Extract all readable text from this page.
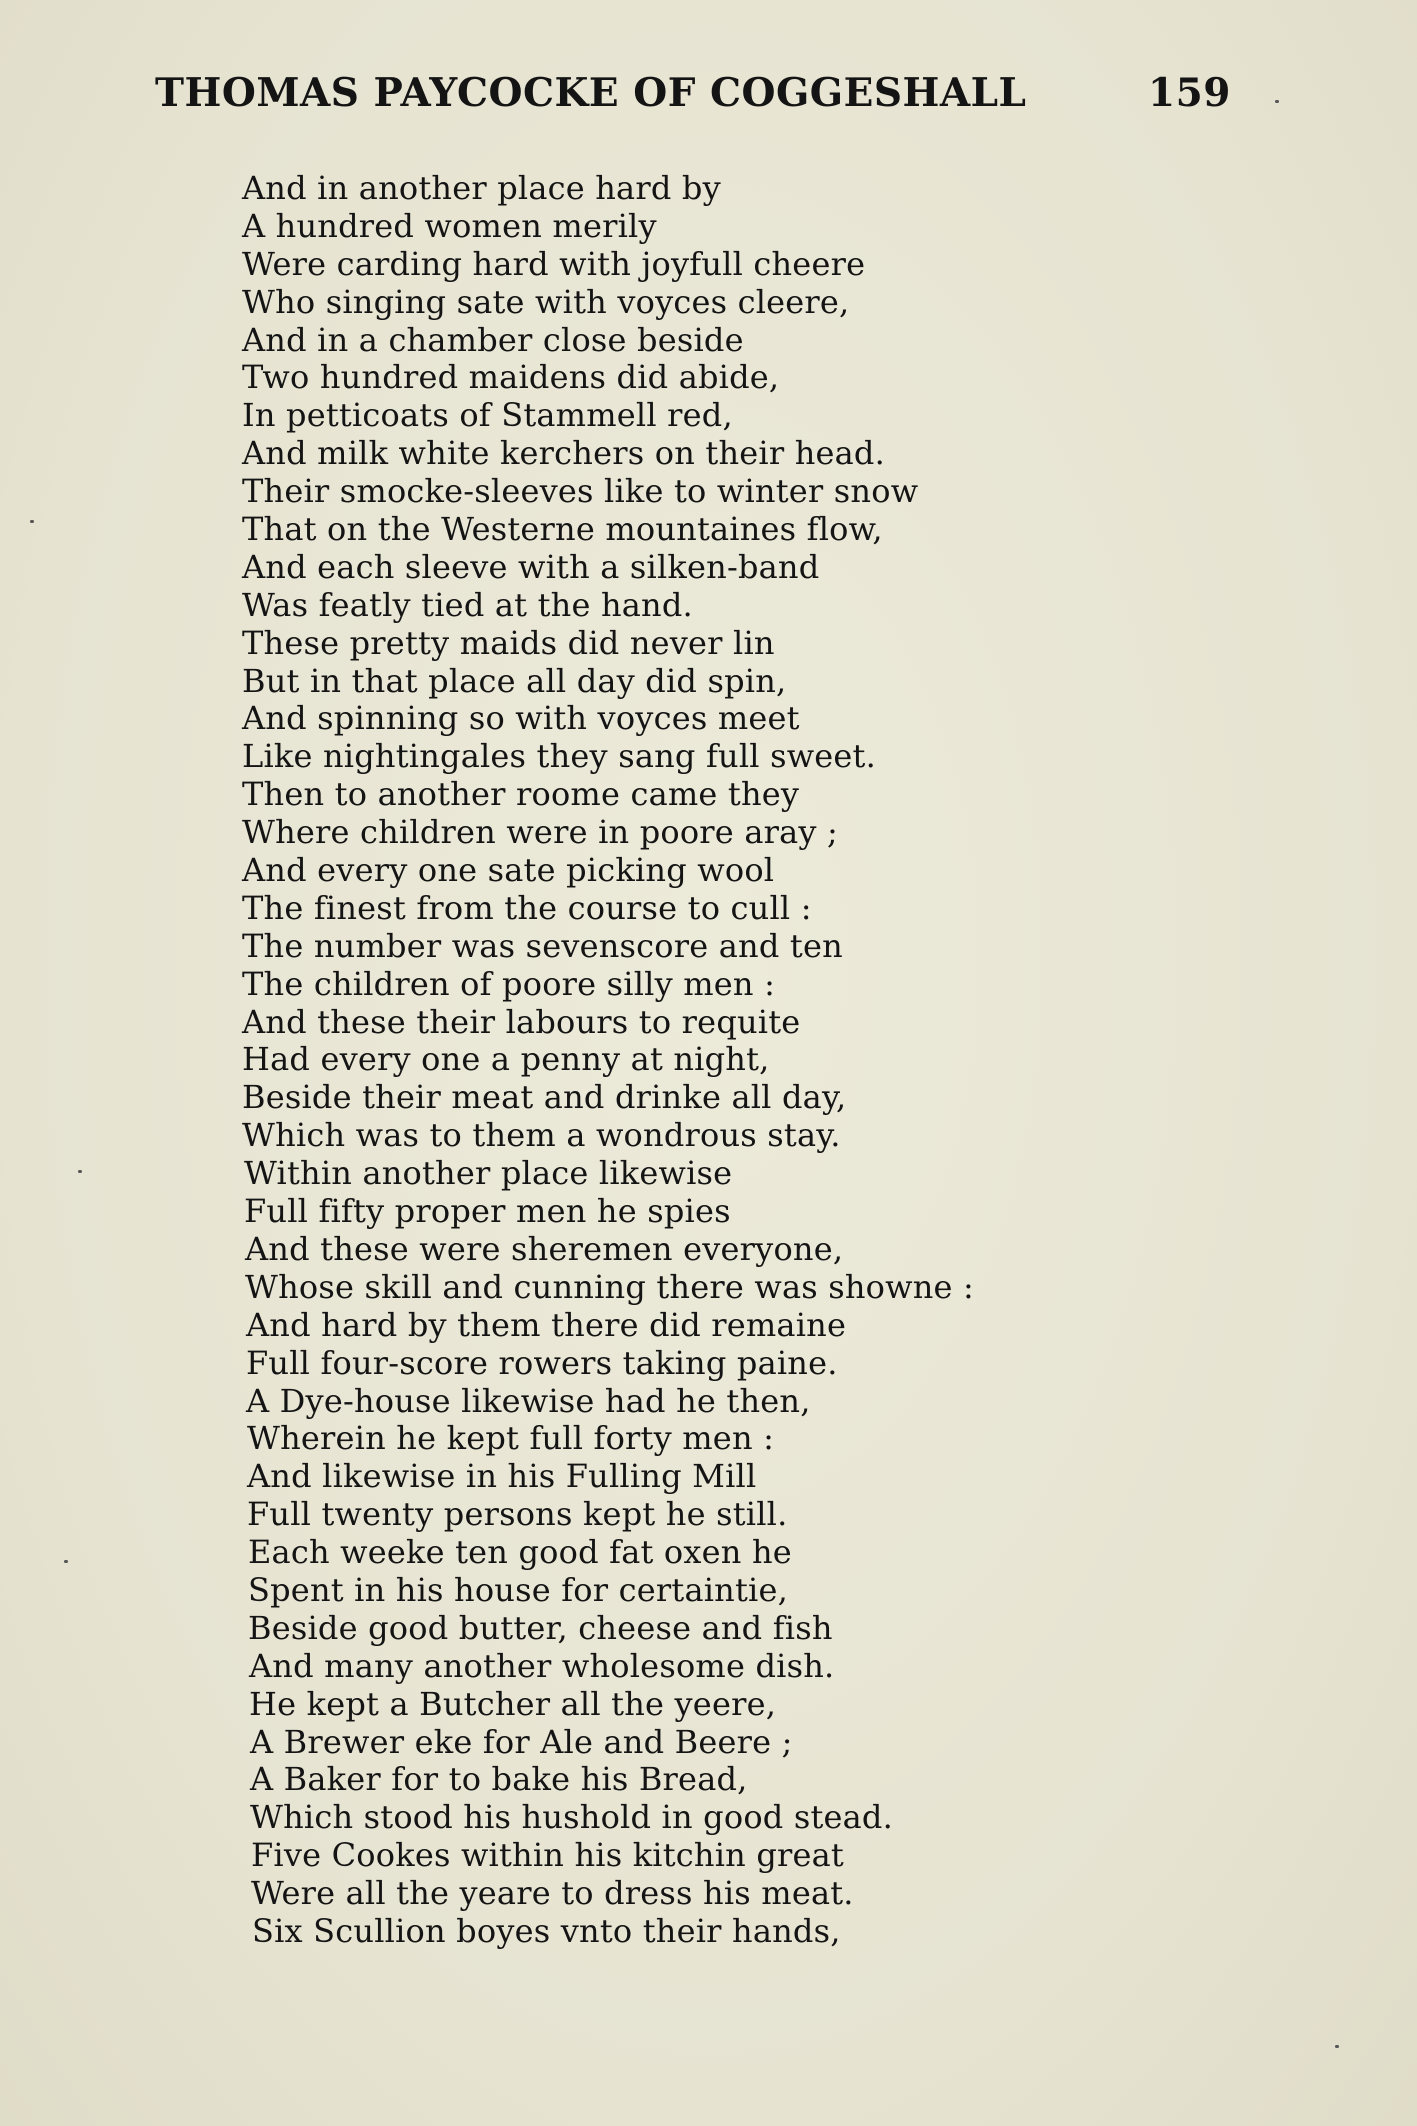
THOMAS PAYCOCKE OF COGGESHALL	159
And in another place hard by
A hundred women merily
Were carding hard with joyfull cheere
Who singing sate with voyces cleere,
And in a chamber close beside
Two hundred maidens did abide,
In petticoats of Stammell red,
And milk white kerchers on their head.
Their smocke-sleeves like to winter snow
That on the Westerne mountaines flow,
And each sleeve with a silken-band
Was featly tied at the hand.
These pretty maids did never lin
But in that place all day did spin,
And spinning so with voyces meet
Like nightingales they sang full sweet.
Then to another roome came they
Where children were in poore aray ;
And every one sate picking wool
The finest from the course to cull :
The number was sevenscore and ten
The children of poore silly men :
And these their labours to requite
Had every one a penny at night,
Beside their meat and drinke all day,
Which was to them a wondrous stay.
Within another place likewise
Full fifty proper men he spies
And these were sheremen everyone,
Whose skill and cunning there was showne :
And hard by them there did remaine
Full four-score rowers taking paine.
A Dye-house likewise had he then,
Wherein he kept full forty men :
And likewise in his Fulling Mill
Full twenty persons kept he still.
Each weeke ten good fat oxen he
Spent in his house for certaintie,
Beside good butter, cheese and fish
And many another wholesome dish.
He kept a Butcher all the yeere,
A Brewer eke for Ale and Beere ;
A Baker for to bake his Bread,
Which stood his hushold in good stead.
Five Cookes within his kitchin great
Were all the yeare to dress his meat.
Six Scullion boyes vnto their hands,
